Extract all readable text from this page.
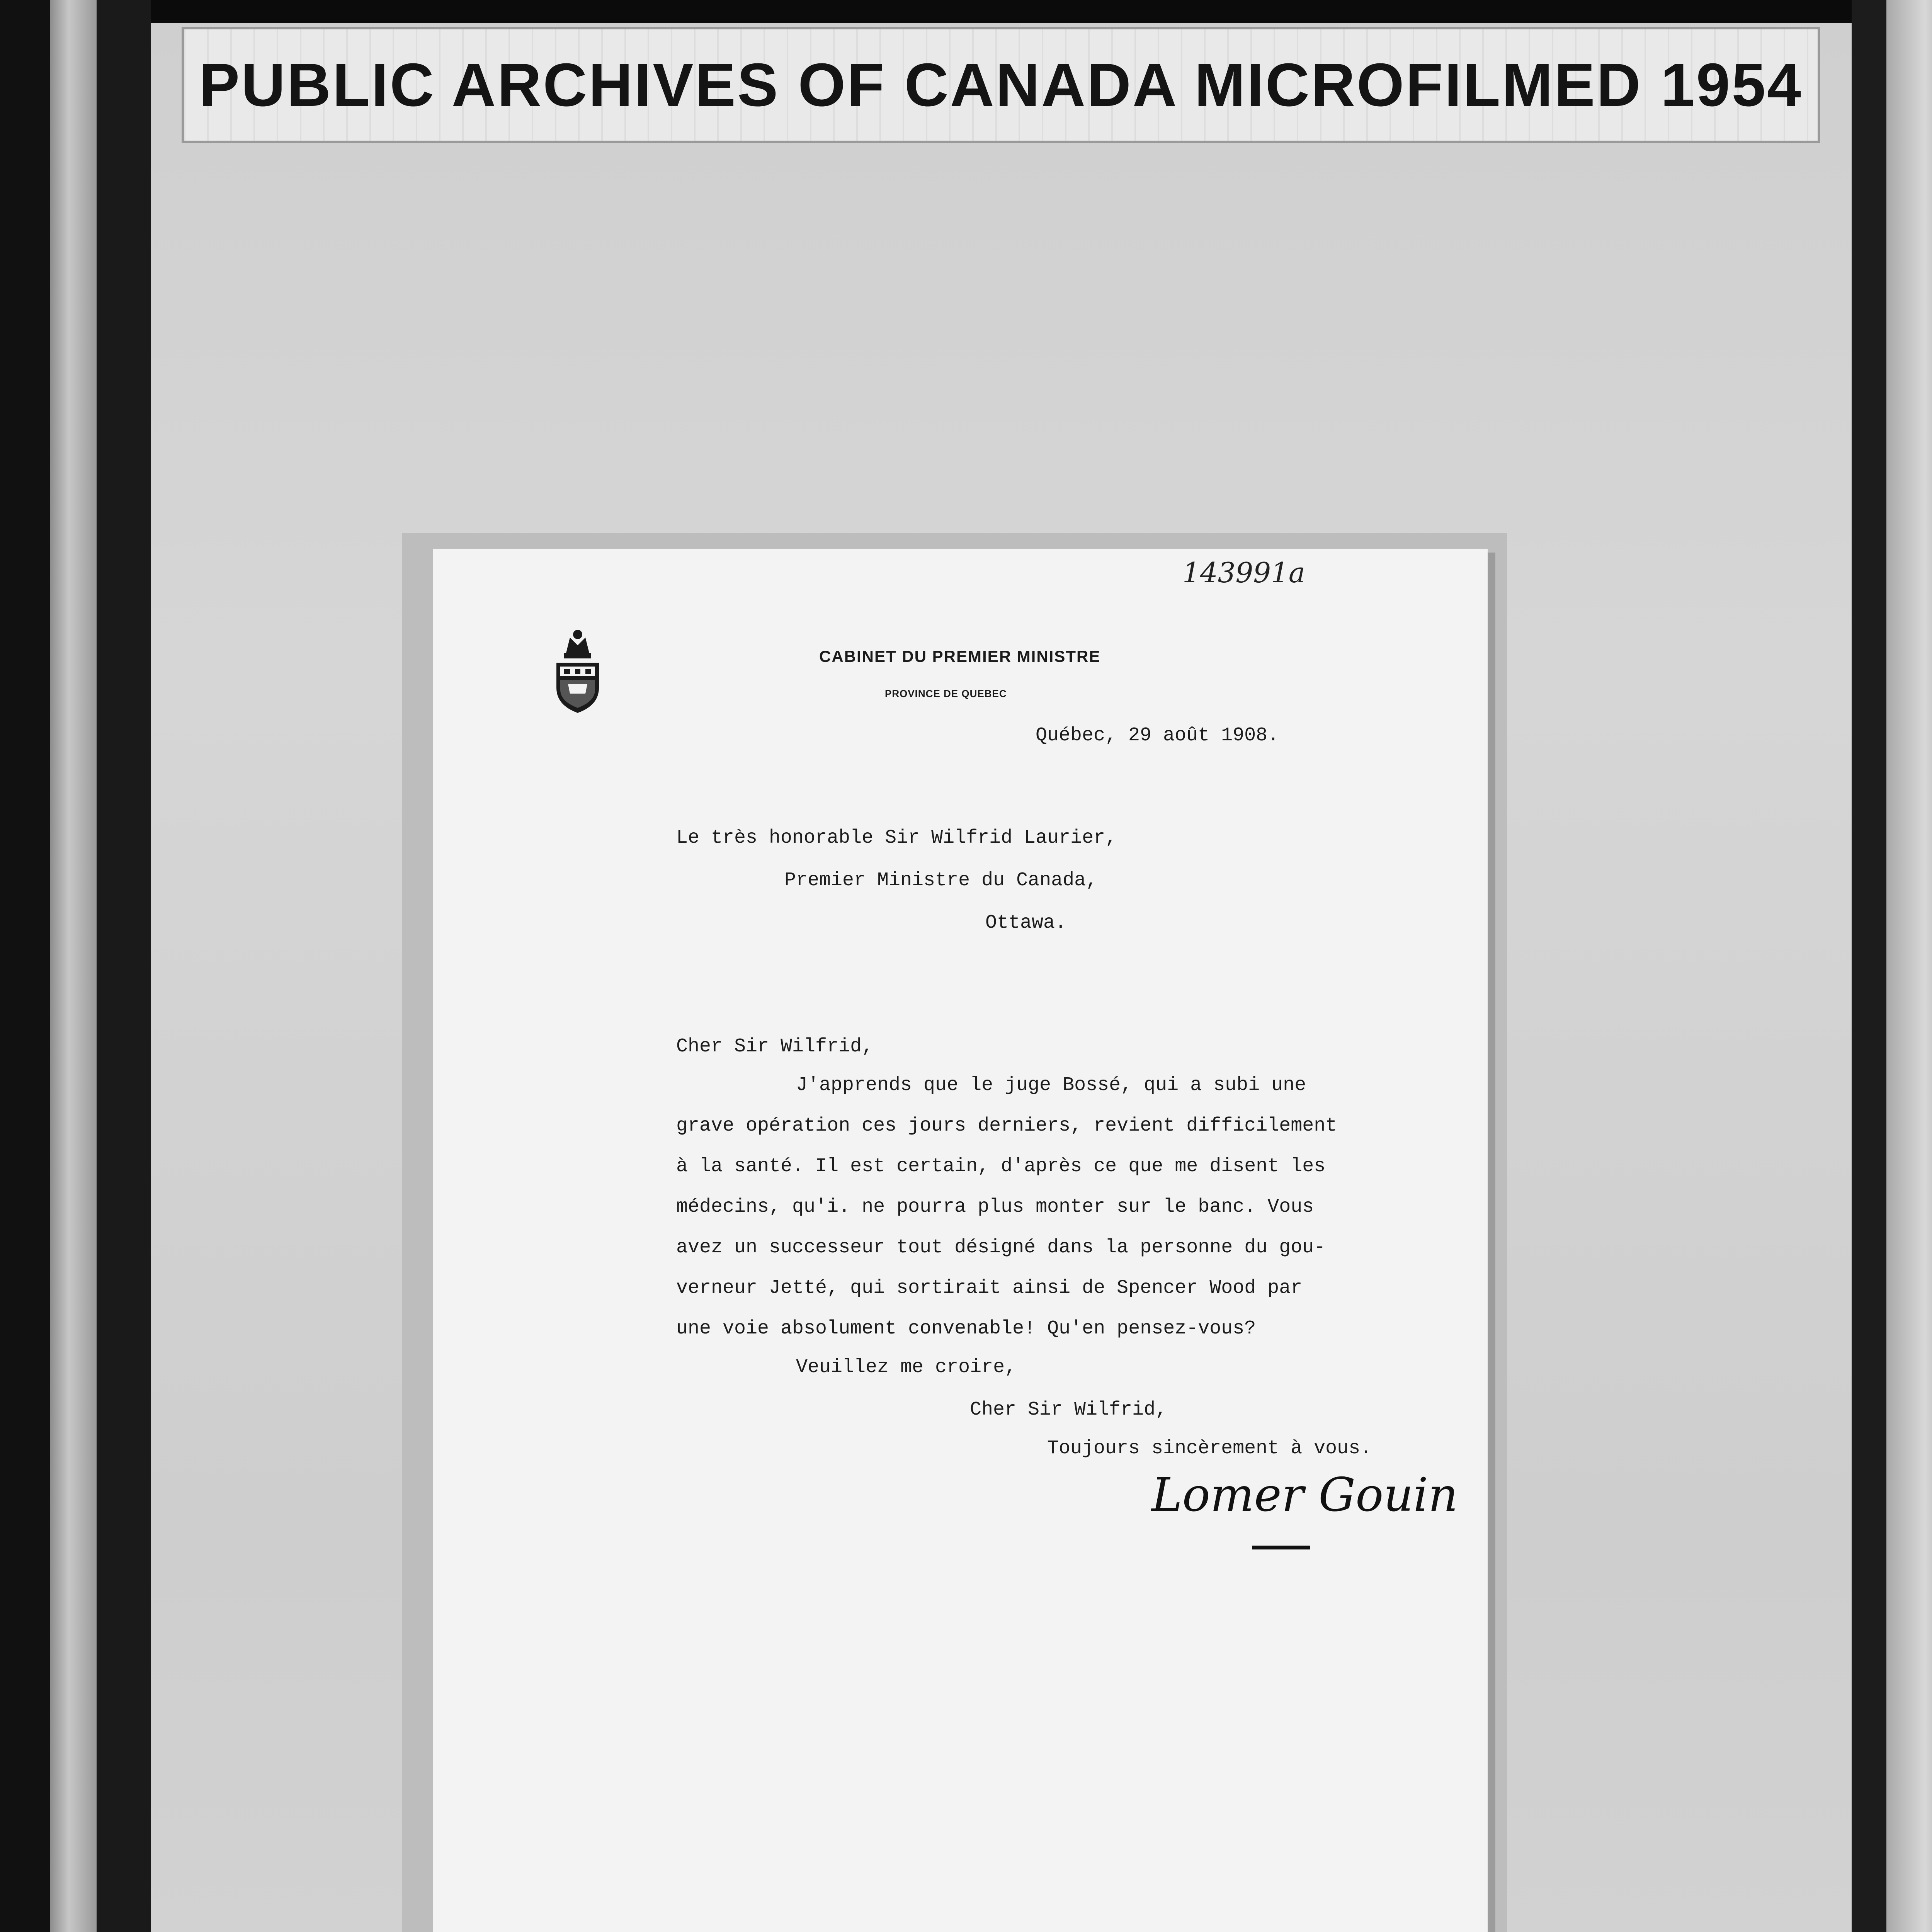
PUBLIC ARCHIVES OF CANADA MICROFILMED 1954
143991a
CABINET DU PREMIER MINISTRE
PROVINCE DE QUEBEC
Québec, 29 août 1908.
Le très honorable Sir Wilfrid Laurier,
Premier Ministre du Canada,
Ottawa.
Cher Sir Wilfrid,
J'apprends que le juge Bossé, qui a subi une
grave opération ces jours derniers, revient difficilement
à la santé. Il est certain, d'après ce que me disent les
médecins, qu'i. ne pourra plus monter sur le banc. Vous
avez un successeur tout désigné dans la personne du gou-
verneur Jetté, qui sortirait ainsi de Spencer Wood par
une voie absolument convenable! Qu'en pensez-vous?
Veuillez me croire,
Cher Sir Wilfrid,
Toujours sincèrement à vous.
Lomer Gouin
